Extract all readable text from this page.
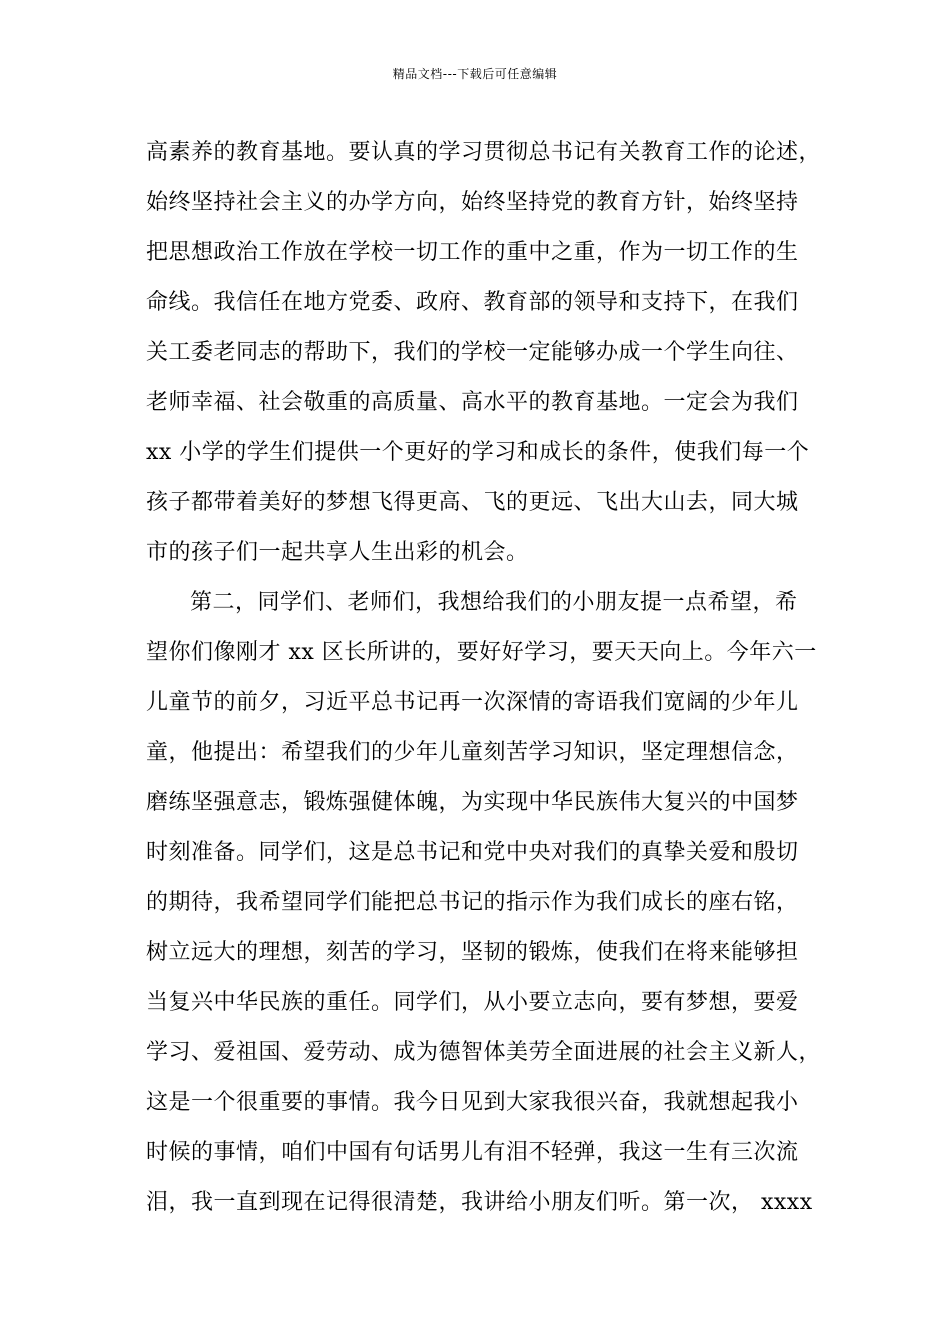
精品文档---下载后可任意编辑
高素养的教育基地。要认真的学习贯彻总书记有关教育工作的论述，
始终坚持社会主义的办学方向，始终坚持党的教育方针，始终坚持
把思想政治工作放在学校一切工作的重中之重，作为一切工作的生
命线。我信任在地方党委、政府、教育部的领导和支持下，在我们
关工委老同志的帮助下，我们的学校一定能够办成一个学生向往、
老师幸福、社会敬重的高质量、高水平的教育基地。一定会为我们
xx 小学的学生们提供一个更好的学习和成长的条件，使我们每一个
孩子都带着美好的梦想飞得更高、飞的更远、飞出大山去，同大城
市的孩子们一起共享人生出彩的机会。
第二，同学们、老师们，我想给我们的小朋友提一点希望，希
望你们像刚才 xx 区长所讲的，要好好学习，要天天向上。今年六一
儿童节的前夕，习近平总书记再一次深情的寄语我们宽阔的少年儿
童，他提出：希望我们的少年儿童刻苦学习知识，坚定理想信念，
磨练坚强意志，锻炼强健体魄，为实现中华民族伟大复兴的中国梦
时刻准备。同学们，这是总书记和党中央对我们的真挚关爱和殷切
的期待，我希望同学们能把总书记的指示作为我们成长的座右铭，
树立远大的理想，刻苦的学习，坚韧的锻炼，使我们在将来能够担
当复兴中华民族的重任。同学们，从小要立志向，要有梦想，要爱
学习、爱祖国、爱劳动、成为德智体美劳全面进展的社会主义新人，
这是一个很重要的事情。我今日见到大家我很兴奋，我就想起我小
时候的事情，咱们中国有句话男儿有泪不轻弹，我这一生有三次流
泪，我一直到现在记得很清楚，我讲给小朋友们听。第一次， xxxx
